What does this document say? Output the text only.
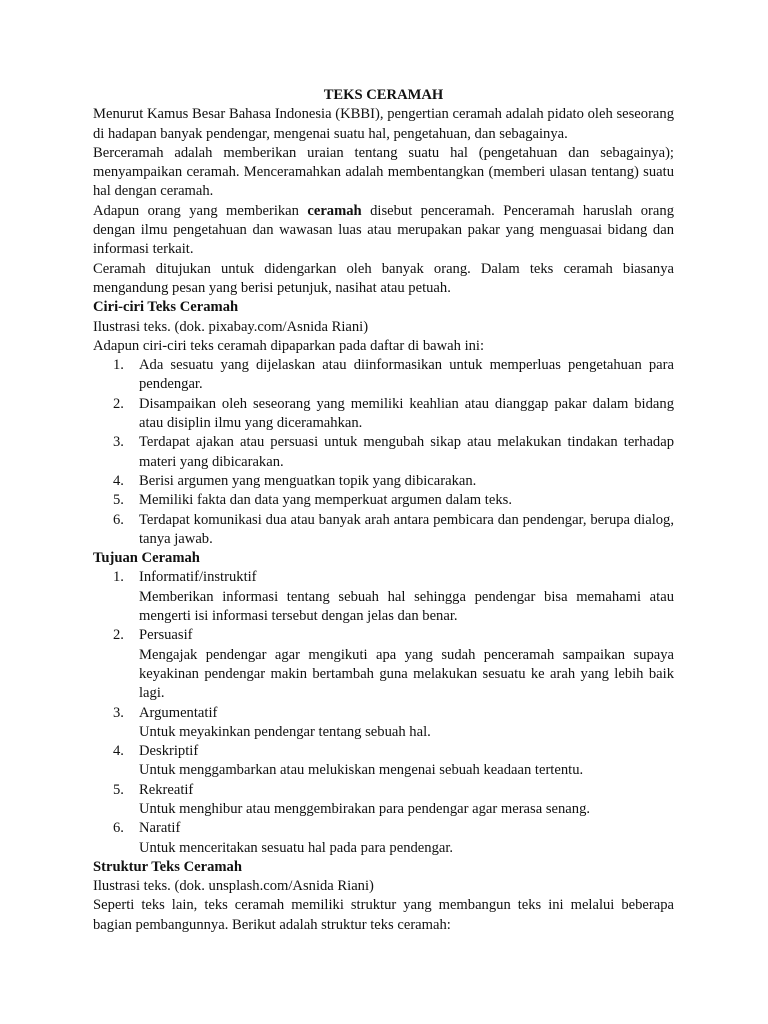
TEKS CERAMAH

Menurut Kamus Besar Bahasa Indonesia (KBBI), pengertian ceramah adalah pidato oleh seseorang di hadapan banyak pendengar, mengenai suatu hal, pengetahuan, dan sebagainya.

Berceramah adalah memberikan uraian tentang suatu hal (pengetahuan dan sebagainya); menyampaikan ceramah. Menceramahkan adalah membentangkan (memberi ulasan tentang) suatu hal dengan ceramah.

Adapun orang yang memberikan ceramah disebut penceramah. Penceramah haruslah orang dengan ilmu pengetahuan dan wawasan luas atau merupakan pakar yang menguasai bidang dan informasi terkait.

Ceramah ditujukan untuk didengarkan oleh banyak orang. Dalam teks ceramah biasanya mengandung pesan yang berisi petunjuk, nasihat atau petuah.

Ciri-ciri Teks Ceramah

Ilustrasi teks. (dok. pixabay.com/Asnida Riani)

Adapun ciri-ciri teks ceramah dipaparkan pada daftar di bawah ini:

1. Ada sesuatu yang dijelaskan atau diinformasikan untuk memperluas pengetahuan para pendengar.
2. Disampaikan oleh seseorang yang memiliki keahlian atau dianggap pakar dalam bidang atau disiplin ilmu yang diceramahkan.
3. Terdapat ajakan atau persuasi untuk mengubah sikap atau melakukan tindakan terhadap materi yang dibicarakan.
4. Berisi argumen yang menguatkan topik yang dibicarakan.
5. Memiliki fakta dan data yang memperkuat argumen dalam teks.
6. Terdapat komunikasi dua atau banyak arah antara pembicara dan pendengar, berupa dialog, tanya jawab.
Tujuan Ceramah
1. Informatif/instruktif
Memberikan informasi tentang sebuah hal sehingga pendengar bisa memahami atau mengerti isi informasi tersebut dengan jelas dan benar.
2. Persuasif
Mengajak pendengar agar mengikuti apa yang sudah penceramah sampaikan supaya keyakinan pendengar makin bertambah guna melakukan sesuatu ke arah yang lebih baik lagi.
3. Argumentatif
Untuk meyakinkan pendengar tentang sebuah hal.
4. Deskriptif
Untuk menggambarkan atau melukiskan mengenai sebuah keadaan tertentu.
5. Rekreatif
Untuk menghibur atau menggembirakan para pendengar agar merasa senang.
6. Naratif
Untuk menceritakan sesuatu hal pada para pendengar.
Struktur Teks Ceramah

Ilustrasi teks. (dok. unsplash.com/Asnida Riani)

Seperti teks lain, teks ceramah memiliki struktur yang membangun teks ini melalui beberapa bagian pembangunnya. Berikut adalah struktur teks ceramah:
